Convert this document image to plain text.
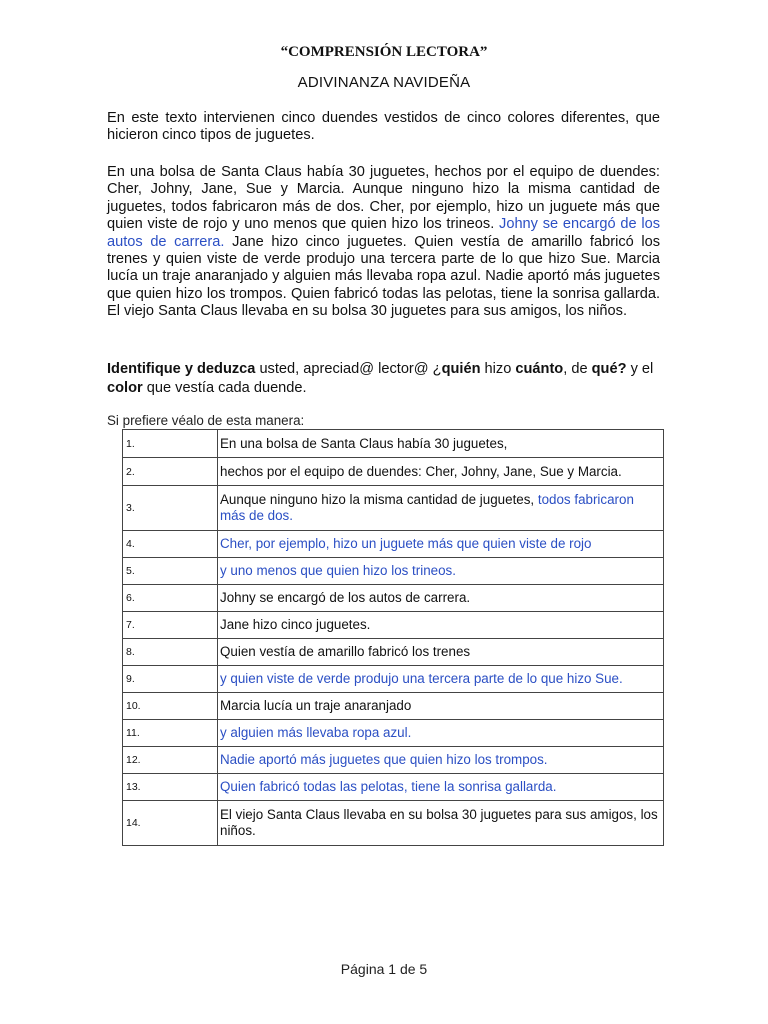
“COMPRENSIÓN LECTORA”
ADIVINANZA NAVIDEÑA

En este texto intervienen cinco duendes vestidos de cinco colores diferentes, que hicieron cinco tipos de juguetes.

En una bolsa de Santa Claus había 30 juguetes, hechos por el equipo de duendes: Cher, Johny, Jane, Sue y Marcia. Aunque ninguno hizo la misma cantidad de juguetes, todos fabricaron más de dos. Cher, por ejemplo, hizo un juguete más que quien viste de rojo y uno menos que quien hizo los trineos. Johny se encargó de los autos de carrera. Jane hizo cinco juguetes. Quien vestía de amarillo fabricó los trenes y quien viste de verde produjo una tercera parte de lo que hizo Sue. Marcia lucía un traje anaranjado y alguien más llevaba ropa azul. Nadie aportó más juguetes que quien hizo los trompos. Quien fabricó todas las pelotas, tiene la sonrisa gallarda. El viejo Santa Claus llevaba en su bolsa 30 juguetes para sus amigos, los niños.

Identifique y deduzca usted, apreciad@ lector@ ¿quién hizo cuánto, de qué? y el color que vestía cada duende.

Si prefiere véalo de esta manera:
1.	En una bolsa de Santa Claus había 30 juguetes,
2.	hechos por el equipo de duendes: Cher, Johny, Jane, Sue y Marcia.
3.	Aunque ninguno hizo la misma cantidad de juguetes, todos fabricaron más de dos.
4.	Cher, por ejemplo, hizo un juguete más que quien viste de rojo
5.	y uno menos que quien hizo los trineos.
6.	Johny se encargó de los autos de carrera.
7.	Jane hizo cinco juguetes.
8.	Quien vestía de amarillo fabricó los trenes
9.	y quien viste de verde produjo una tercera parte de lo que hizo Sue.
10.	Marcia lucía un traje anaranjado
11.	y alguien más llevaba ropa azul.
12.	Nadie aportó más juguetes que quien hizo los trompos.
13.	Quien fabricó todas las pelotas, tiene la sonrisa gallarda.
14.	El viejo Santa Claus llevaba en su bolsa 30 juguetes para sus amigos, los niños.
Página 1 de 5
